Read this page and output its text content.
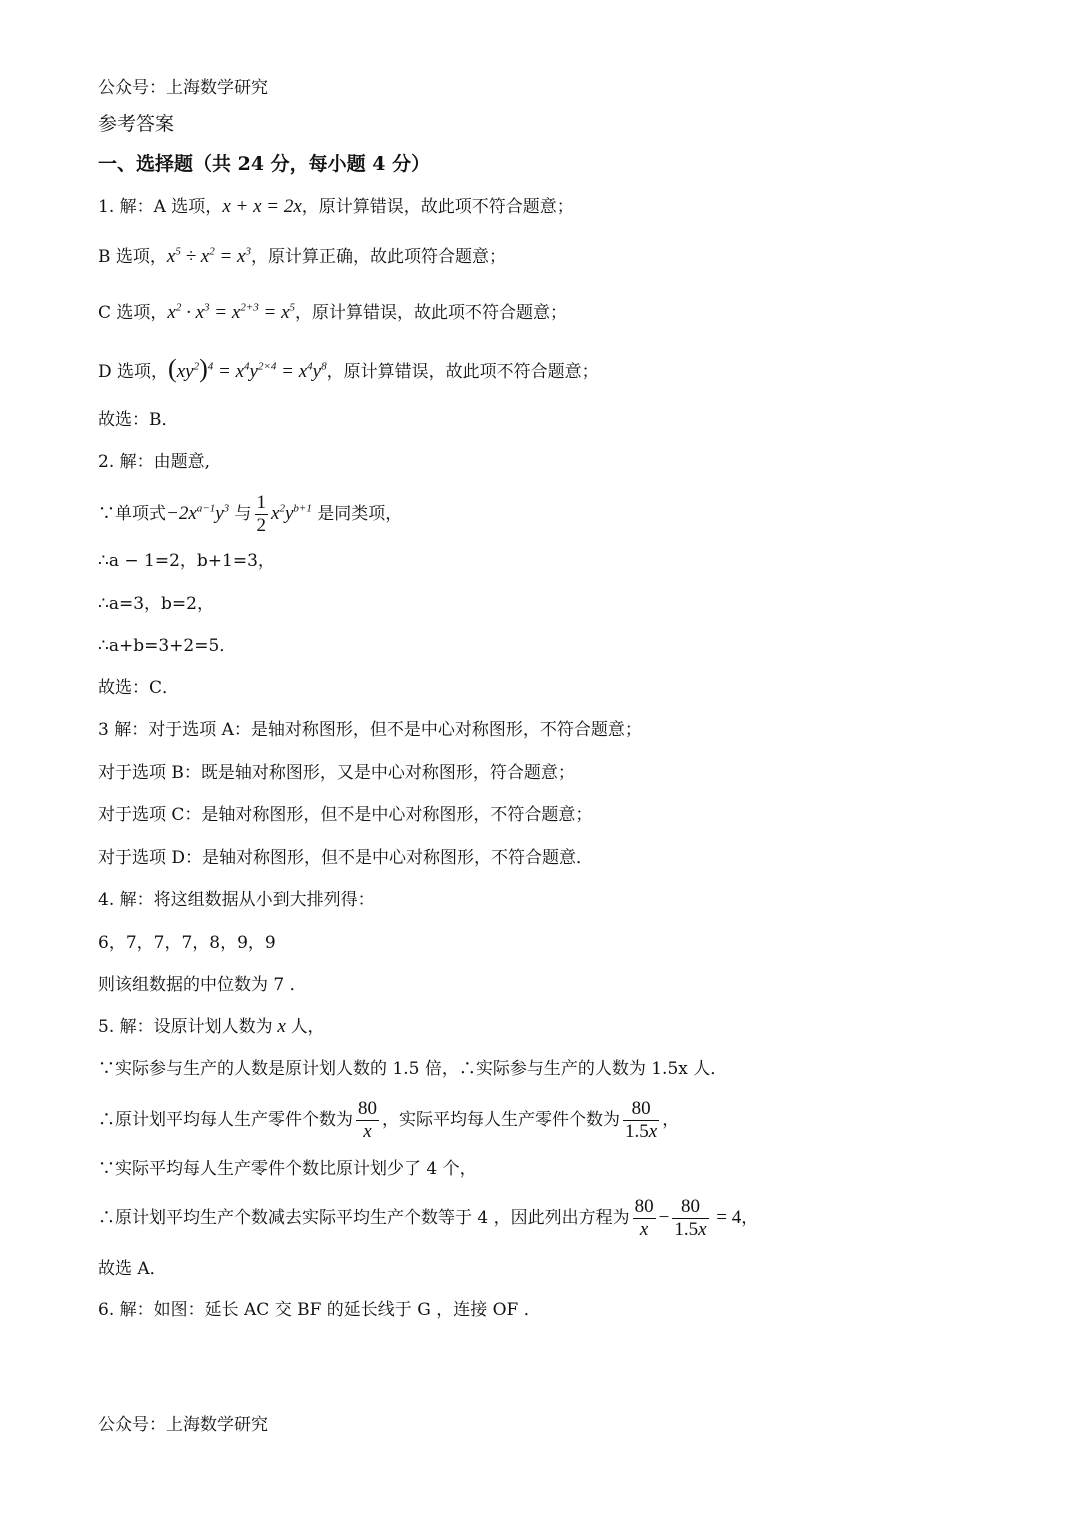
公众号：上海数学研究
参考答案
一、选择题（共 24 分，每小题 4 分）
1. 解：A 选项，x + x = 2x，原计算错误，故此项不符合题意；
B 选项，$x^5 \div x^2 = x^3$，原计算正确，故此项符合题意；
C 选项，$x^2 \cdot x^3 = x^{2+3} = x^5$，原计算错误，故此项不符合题意；
D 选项，$(xy^2)^4 = x^4y^{2\times 4} = x^4y^8$，原计算错误，故此项不符合题意；
故选：B．
2. 解：由题意,
∵单项式$-2x^{a-1}y^3$ 与 $\frac{1}{2} x^2y^{b+1}$ 是同类项，
∴a − 1=2，b+1=3，
∴a=3，b=2，
∴a+b=3+2=5．
故选：C．
3 解：对于选项 A：是轴对称图形，但不是中心对称图形，不符合题意；
对于选项 B：既是轴对称图形，又是中心对称图形，符合题意；
对于选项 C：是轴对称图形，但不是中心对称图形，不符合题意；
对于选项 D：是轴对称图形，但不是中心对称图形，不符合题意．
4. 解：将这组数据从小到大排列得：
6，7，7，7，8，9，9
则该组数据的中位数为 7 ．
5. 解：设原计划人数为 x 人，
∵实际参与生产的人数是原计划人数的 1.5 倍，∴实际参与生产的人数为 1.5x 人．
∴原计划平均每人生产零件个数为 $\frac{80}{x}$ ，实际平均每人生产零件个数为 $\frac{80}{1.5x}$ ，
∵实际平均每人生产零件个数比原计划少了 4 个，
∴原计划平均生产个数减去实际平均生产个数等于 4 ，因此列出方程为 $\frac{80}{x} - \frac{80}{1.5x} = 4$，
故选 A．
6. 解：如图：延长 AC 交 BF 的延长线于 G ，连接 OF ．
公众号：上海数学研究
